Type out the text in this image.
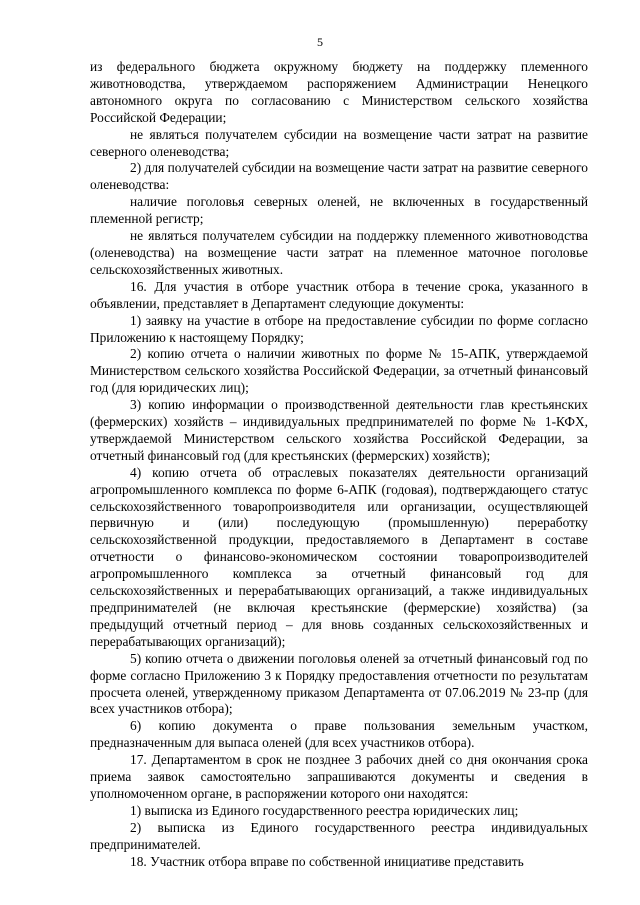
5

из федерального бюджета окружному бюджету на поддержку племенного животноводства, утверждаемом распоряжением Администрации Ненецкого автономного округа по согласованию с Министерством сельского хозяйства Российской Федерации;

не являться получателем субсидии на возмещение части затрат на развитие северного оленеводства;

2) для получателей субсидии на возмещение части затрат на развитие северного оленеводства:

наличие поголовья северных оленей, не включенных в государственный племенной регистр;

не являться получателем субсидии на поддержку племенного животноводства (оленеводства) на возмещение части затрат на племенное маточное поголовье сельскохозяйственных животных.

16. Для участия в отборе участник отбора в течение срока, указанного в объявлении, представляет в Департамент следующие документы:

1) заявку на участие в отборе на предоставление субсидии по форме согласно Приложению к настоящему Порядку;

2) копию отчета о наличии животных по форме № 15-АПК, утверждаемой Министерством сельского хозяйства Российской Федерации, за отчетный финансовый год (для юридических лиц);

3) копию информации о производственной деятельности глав крестьянских (фермерских) хозяйств – индивидуальных предпринимателей по форме № 1-КФХ, утверждаемой Министерством сельского хозяйства Российской Федерации, за отчетный финансовый год (для крестьянских (фермерских) хозяйств);

4) копию отчета об отраслевых показателях деятельности организаций агропромышленного комплекса по форме 6-АПК (годовая), подтверждающего статус сельскохозяйственного товаропроизводителя или организации, осуществляющей первичную и (или) последующую (промышленную) переработку сельскохозяйственной продукции, предоставляемого в Департамент в составе отчетности о финансово-экономическом состоянии товаропроизводителей агропромышленного комплекса за отчетный финансовый год для сельскохозяйственных и перерабатывающих организаций, а также индивидуальных предпринимателей (не включая крестьянские (фермерские) хозяйства) (за предыдущий отчетный период – для вновь созданных сельскохозяйственных и перерабатывающих организаций);

5) копию отчета о движении поголовья оленей за отчетный финансовый год по форме согласно Приложению 3 к Порядку предоставления отчетности по результатам просчета оленей, утвержденному приказом Департамента от 07.06.2019 № 23-пр (для всех участников отбора);

6) копию документа о праве пользования земельным участком, предназначенным для выпаса оленей (для всех участников отбора).

17. Департаментом в срок не позднее 3 рабочих дней со дня окончания срока приема заявок самостоятельно запрашиваются документы и сведения в уполномоченном органе, в распоряжении которого они находятся:

1) выписка из Единого государственного реестра юридических лиц;

2) выписка из Единого государственного реестра индивидуальных предпринимателей.

18. Участник отбора вправе по собственной инициативе представить
